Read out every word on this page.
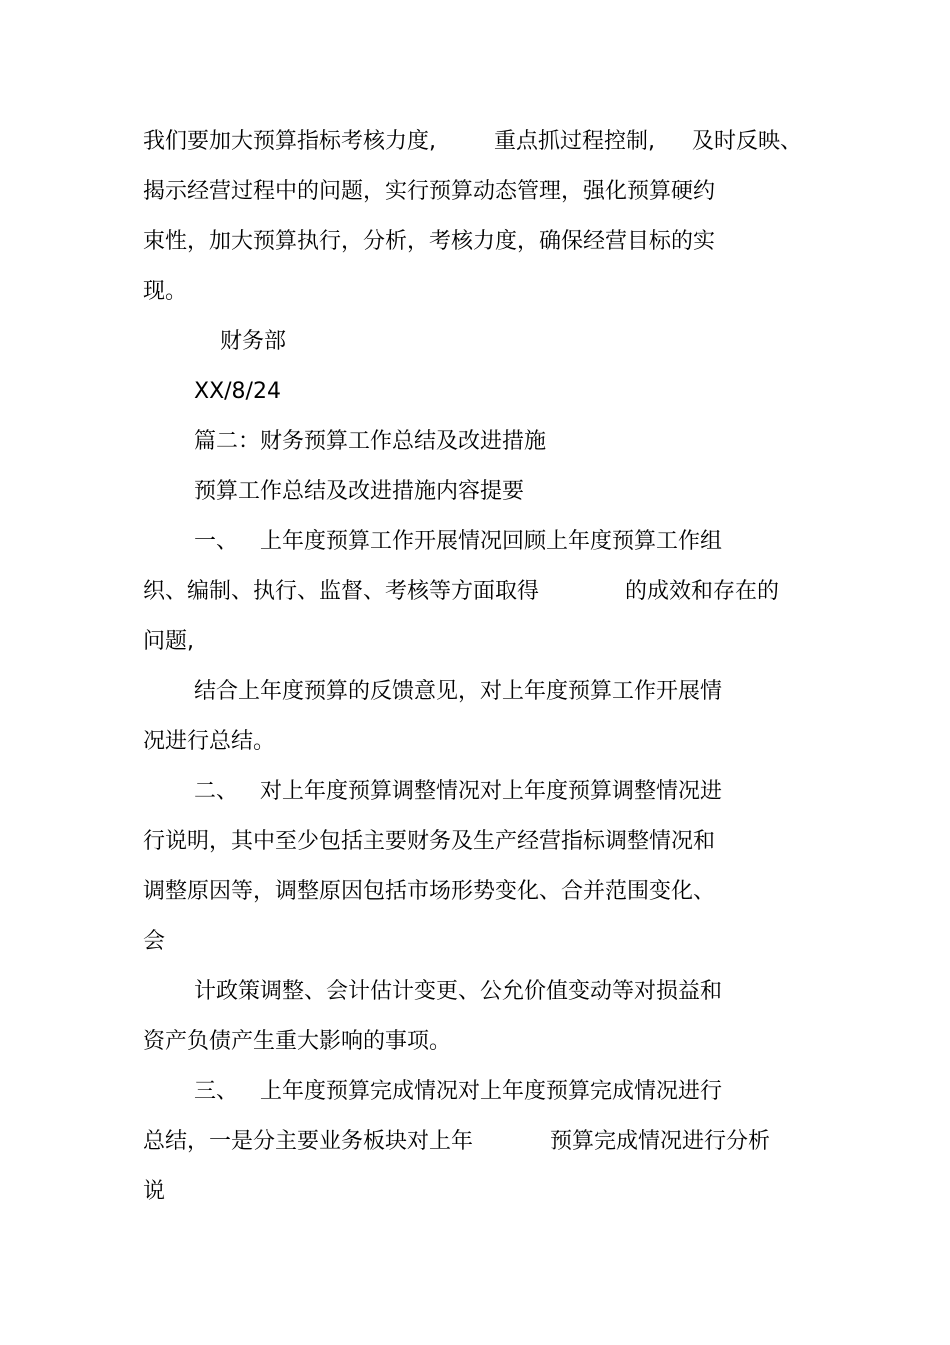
我们要加大预算指标考核力度,	重点抓过程控制, 及时反映、

揭示经营过程中的问题，实行预算动态管理，强化预算硬约

束性，加大预算执行，分析，考核力度，确保经营目标的实

现。

财务部

XX/8/24

篇二：财务预算工作总结及改进措施

预算工作总结及改进措施内容提要

一、 上年度预算工作开展情况回顾上年度预算工作组

织、编制、执行、监督、考核等方面取得	的成效和存在的

问题,

结合上年度预算的反馈意见，对上年度预算工作开展情

况进行总结。

二、 对上年度预算调整情况对上年度预算调整情况进

行说明，其中至少包括主要财务及生产经营指标调整情况和

调整原因等，调整原因包括市场形势变化、合并范围变化、

会

计政策调整、会计估计变更、公允价值变动等对损益和

资产负债产生重大影响的事项。

三、 上年度预算完成情况对上年度预算完成情况进行

总结，一是分主要业务板块对上年	预算完成情况进行分析

说
